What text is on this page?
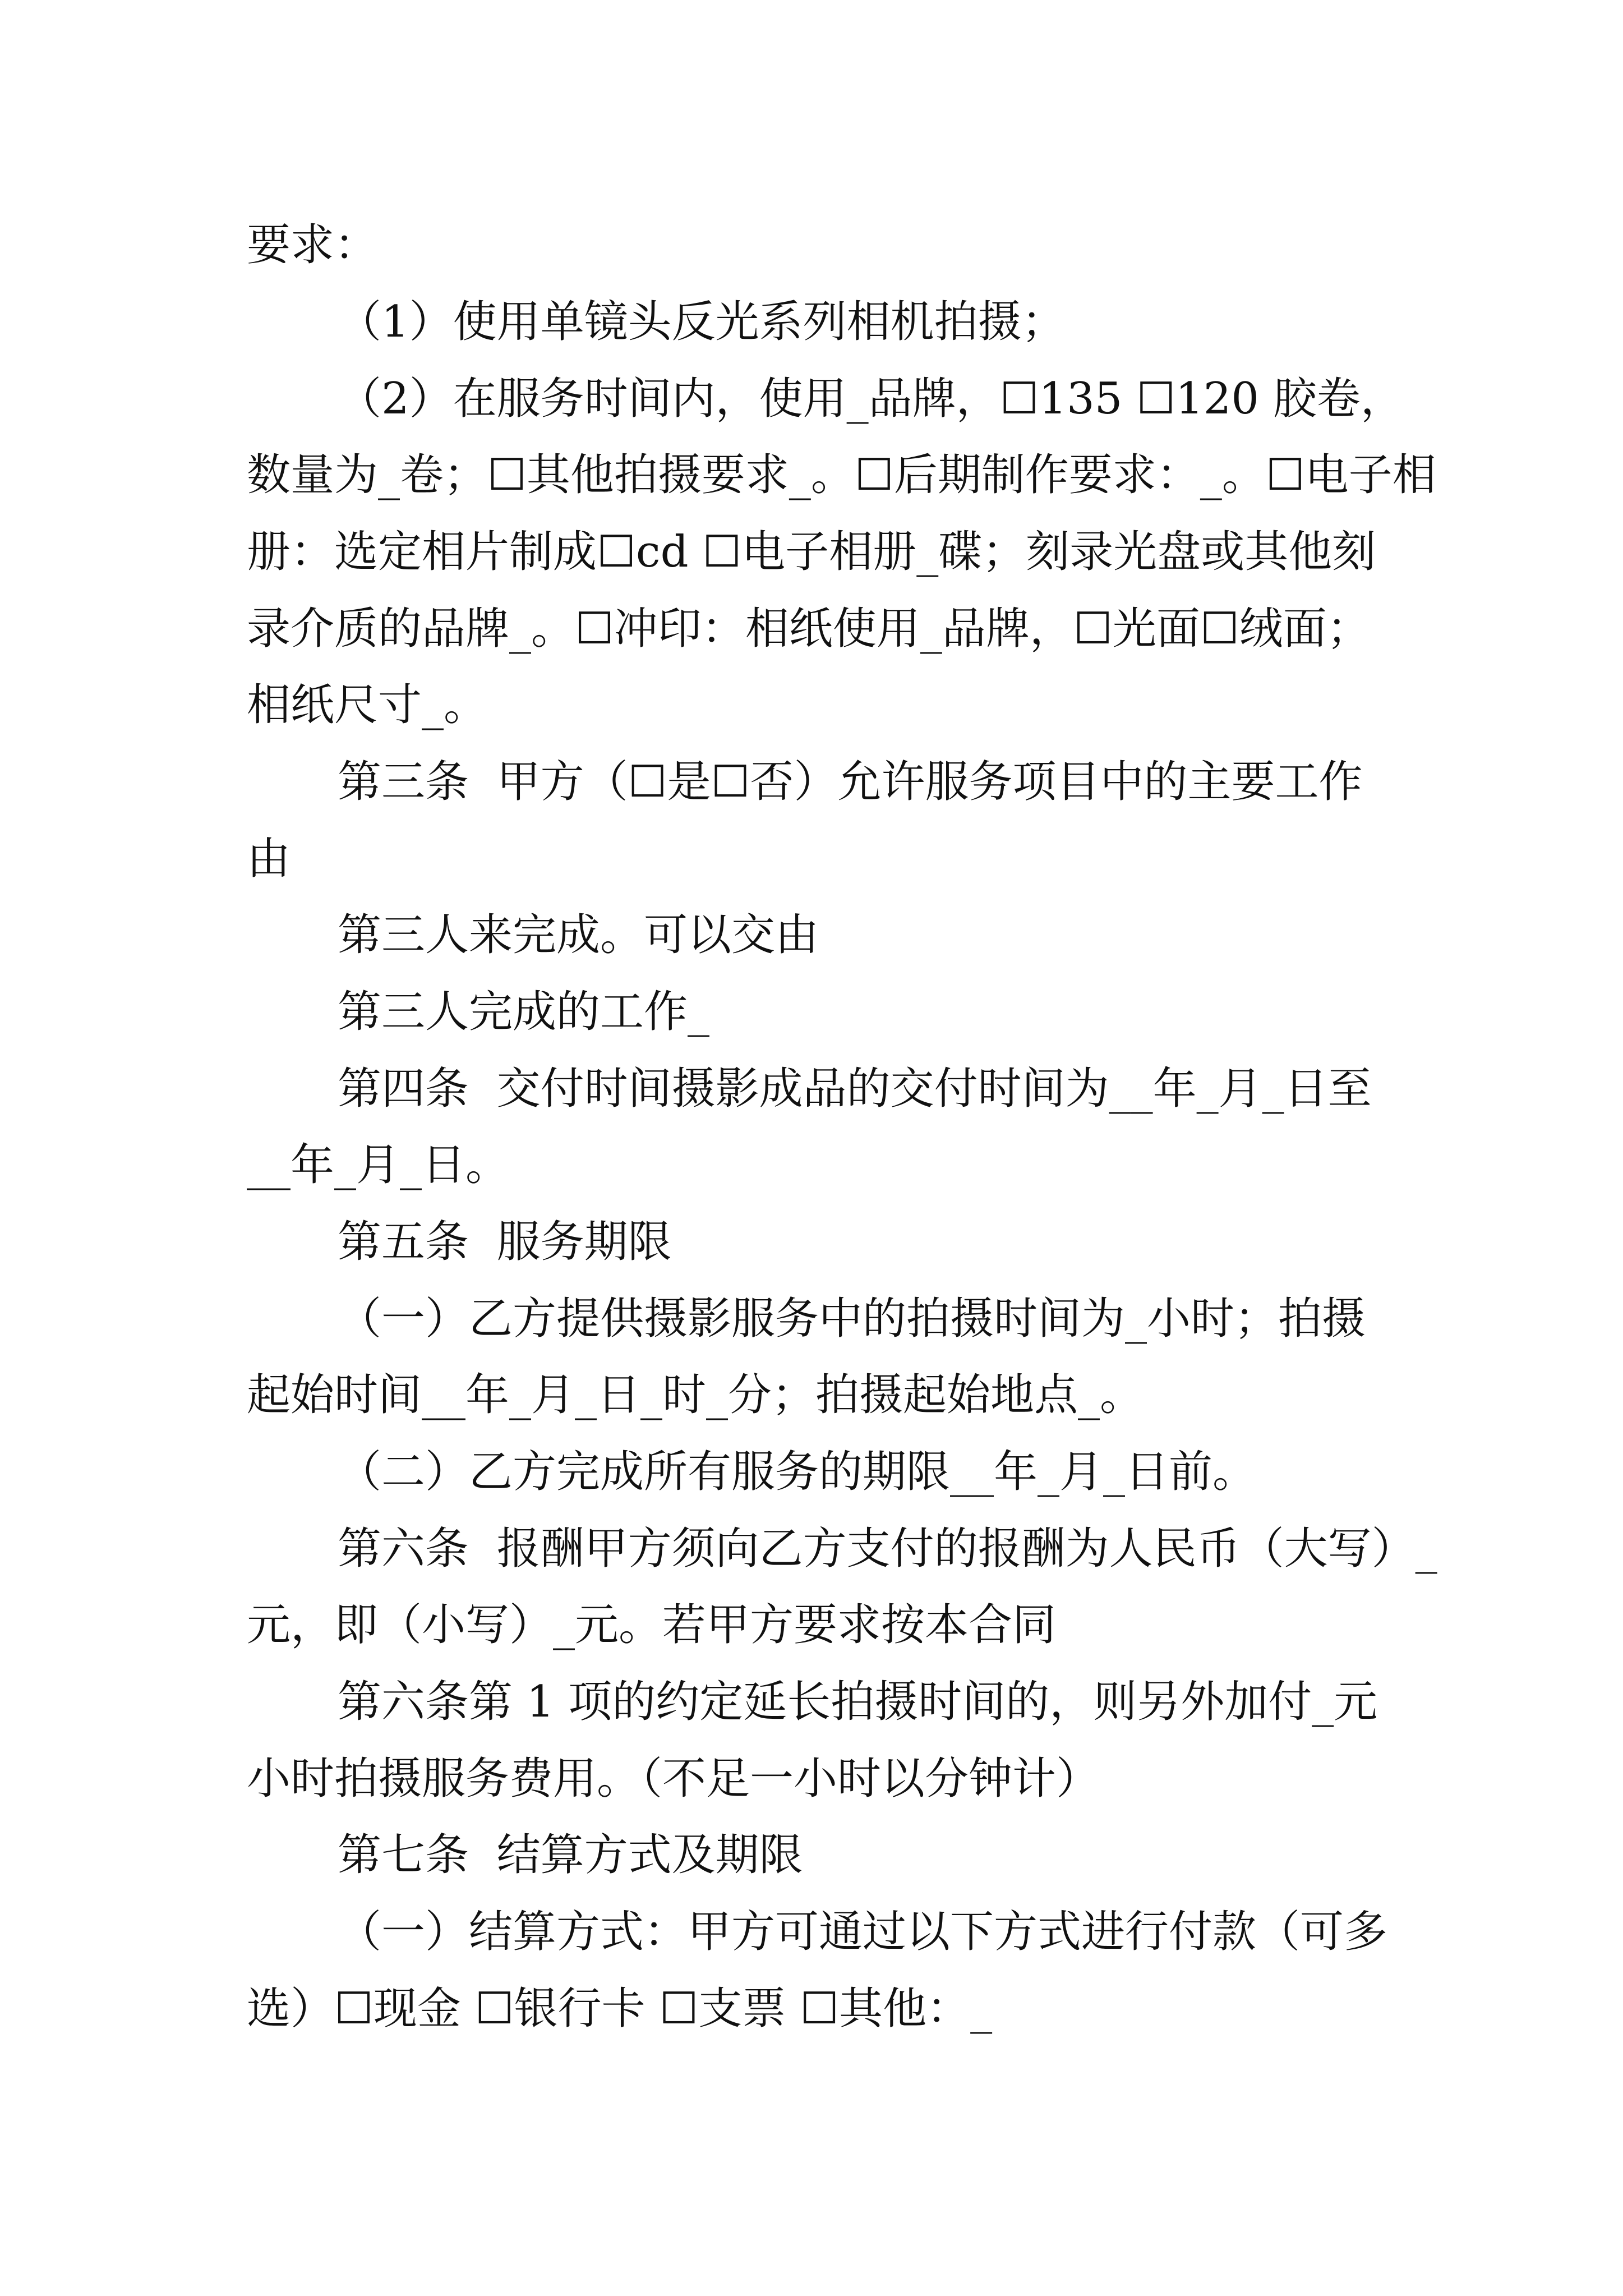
要求：
（1）使用单镜头反光系列相机拍摄；
（2）在服务时间内，使用_品牌，☐135 ☐120 胶卷，
数量为_卷；☐其他拍摄要求_。☐后期制作要求：_。☐电子相
册：选定相片制成☐cd ☐电子相册_碟；刻录光盘或其他刻
录介质的品牌_。☐冲印：相纸使用_品牌，☐光面☐绒面；
相纸尺寸_。
第三条  甲方（☐是☐否）允许服务项目中的主要工作
由
第三人来完成。可以交由
第三人完成的工作_
第四条  交付时间摄影成品的交付时间为__年_月_日至
__年_月_日。
第五条  服务期限
（一）乙方提供摄影服务中的拍摄时间为_小时；拍摄
起始时间__年_月_日_时_分；拍摄起始地点_。
（二）乙方完成所有服务的期限__年_月_日前。
第六条  报酬甲方须向乙方支付的报酬为人民币（大写）_
元，即（小写）_元。若甲方要求按本合同
第六条第 1 项的约定延长拍摄时间的，则另外加付_元
小时拍摄服务费用。（不足一小时以分钟计）
第七条  结算方式及期限
（一）结算方式：甲方可通过以下方式进行付款（可多
选）☐现金 ☐银行卡 ☐支票 ☐其他：_
